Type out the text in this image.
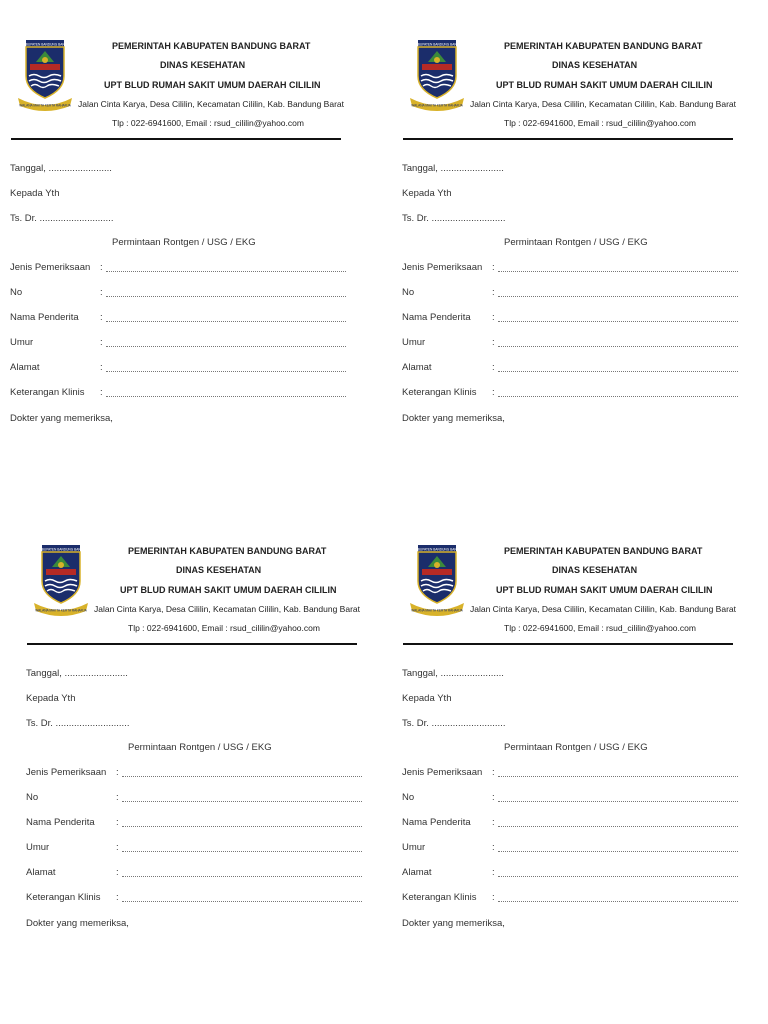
KABUPATEN BANDUNG BARAT
WALANA MAKTA KERTA RAHARJA
PEMERINTAH KABUPATEN BANDUNG BARAT
DINAS KESEHATAN
UPT BLUD RUMAH SAKIT UMUM DAERAH CILILIN
Jalan Cinta Karya, Desa Cililin, Kecamatan Cililin, Kab. Bandung Barat
Tlp : 022-6941600, Email : rsud_cililin@yahoo.com
Tanggal, ........................
Kepada Yth
Ts. Dr. ............................
Permintaan Rontgen / USG / EKG
Jenis Pemeriksaan :
No	:
Nama Penderita :
Umur	:
Alamat	:
Keterangan Klinis :
Dokter yang memeriksa,
KABUPATEN BANDUNG BARAT
WALANA MAKTA KERTA RAHARJA
PEMERINTAH KABUPATEN BANDUNG BARAT
DINAS KESEHATAN
UPT BLUD RUMAH SAKIT UMUM DAERAH CILILIN
Jalan Cinta Karya, Desa Cililin, Kecamatan Cililin, Kab. Bandung Barat
Tlp : 022-6941600, Email : rsud_cililin@yahoo.com
Tanggal, ........................
Kepada Yth
Ts. Dr. ............................
Permintaan Rontgen / USG / EKG
Jenis Pemeriksaan :
No	:
Nama Penderita :
Umur	:
Alamat	:
Keterangan Klinis :
Dokter yang memeriksa,
KABUPATEN BANDUNG BARAT
WALANA MAKTA KERTA RAHARJA
PEMERINTAH KABUPATEN BANDUNG BARAT
DINAS KESEHATAN
UPT BLUD RUMAH SAKIT UMUM DAERAH CILILIN
Jalan Cinta Karya, Desa Cililin, Kecamatan Cililin, Kab. Bandung Barat
Tlp : 022-6941600, Email : rsud_cililin@yahoo.com
Tanggal, ........................
Kepada Yth
Ts. Dr. ............................
Permintaan Rontgen / USG / EKG
Jenis Pemeriksaan :
No	:
Nama Penderita :
Umur	:
Alamat	:
Keterangan Klinis :
Dokter yang memeriksa,
KABUPATEN BANDUNG BARAT
WALANA MAKTA KERTA RAHARJA
PEMERINTAH KABUPATEN BANDUNG BARAT
DINAS KESEHATAN
UPT BLUD RUMAH SAKIT UMUM DAERAH CILILIN
Jalan Cinta Karya, Desa Cililin, Kecamatan Cililin, Kab. Bandung Barat
Tlp : 022-6941600, Email : rsud_cililin@yahoo.com
Tanggal, ........................
Kepada Yth
Ts. Dr. ............................
Permintaan Rontgen / USG / EKG
Jenis Pemeriksaan :
No	:
Nama Penderita :
Umur	:
Alamat	:
Keterangan Klinis :
Dokter yang memeriksa,
